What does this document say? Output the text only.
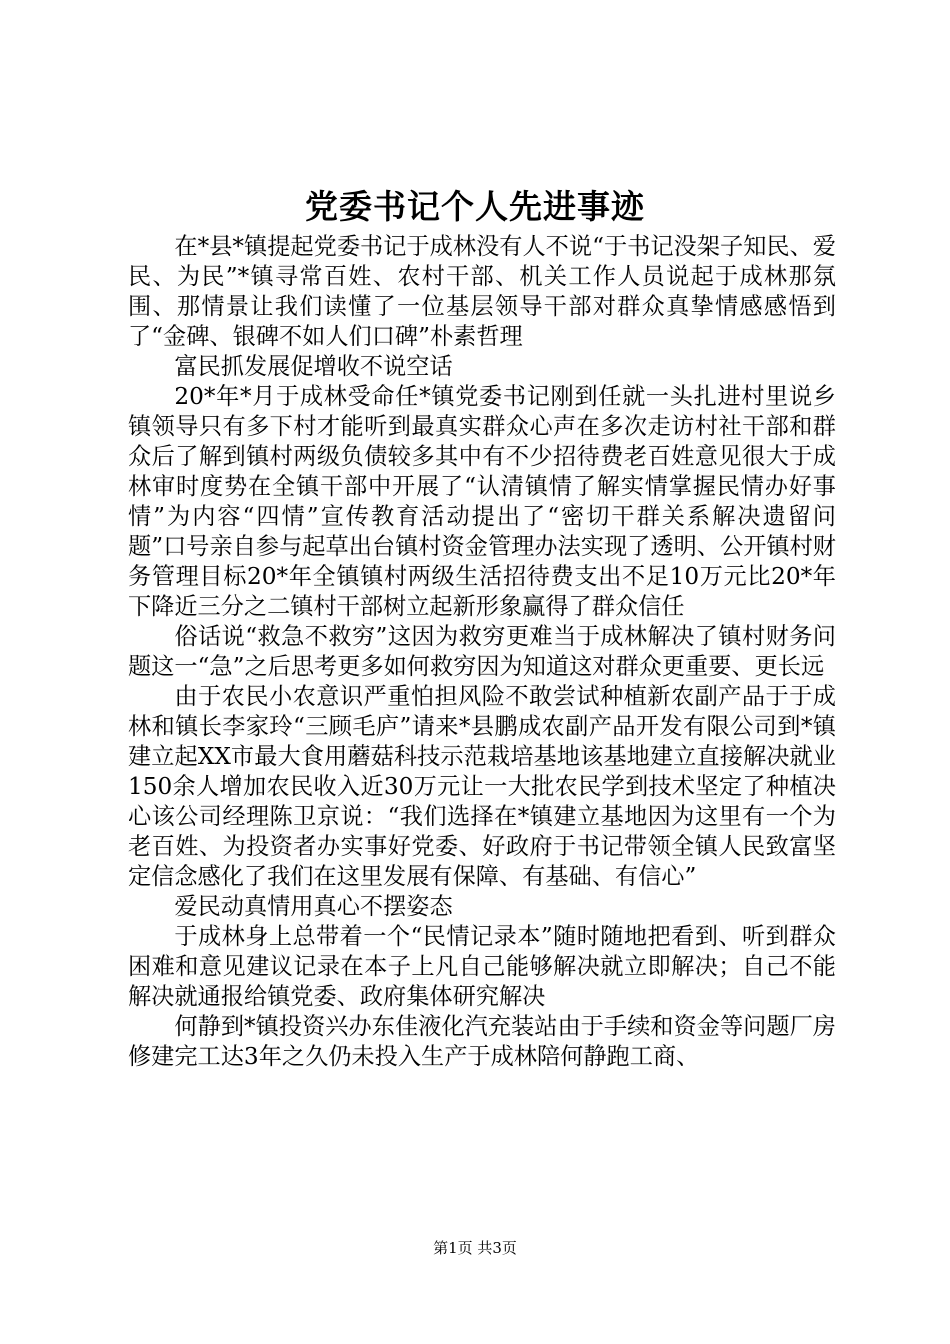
党委书记个人先进事迹

在*县*镇提起党委书记于成林没有人不说“于书记没架子知民、爱民、为民”*镇寻常百姓、农村干部、机关工作人员说起于成林那氛围、那情景让我们读懂了一位基层领导干部对群众真挚情感感悟到了“金碑、银碑不如人们口碑”朴素哲理

富民抓发展促增收不说空话

20*年*月于成林受命任*镇党委书记刚到任就一头扎进村里说乡镇领导只有多下村才能听到最真实群众心声在多次走访村社干部和群众后了解到镇村两级负债较多其中有不少招待费老百姓意见很大于成林审时度势在全镇干部中开展了“认清镇情了解实情掌握民情办好事情”为内容“四情”宣传教育活动提出了“密切干群关系解决遗留问题”口号亲自参与起草出台镇村资金管理办法实现了透明、公开镇村财务管理目标20*年全镇镇村两级生活招待费支出不足10万元比20*年下降近三分之二镇村干部树立起新形象赢得了群众信任

俗话说“救急不救穷”这因为救穷更难当于成林解决了镇村财务问题这一“急”之后思考更多如何救穷因为知道这对群众更重要、更长远

由于农民小农意识严重怕担风险不敢尝试种植新农副产品于于成林和镇长李家玲“三顾毛庐”请来*县鹏成农副产品开发有限公司到*镇建立起XX市最大食用蘑菇科技示范栽培基地该基地建立直接解决就业150余人增加农民收入近30万元让一大批农民学到技术坚定了种植决心该公司经理陈卫京说：“我们选择在*镇建立基地因为这里有一个为老百姓、为投资者办实事好党委、好政府于书记带领全镇人民致富坚定信念感化了我们在这里发展有保障、有基础、有信心”

爱民动真情用真心不摆姿态

于成林身上总带着一个“民情记录本”随时随地把看到、听到群众困难和意见建议记录在本子上凡自己能够解决就立即解决；自己不能解决就通报给镇党委、政府集体研究解决

何静到*镇投资兴办东佳液化汽充装站由于手续和资金等问题厂房修建完工达3年之久仍未投入生产于成林陪何静跑工商、

第1页 共3页
